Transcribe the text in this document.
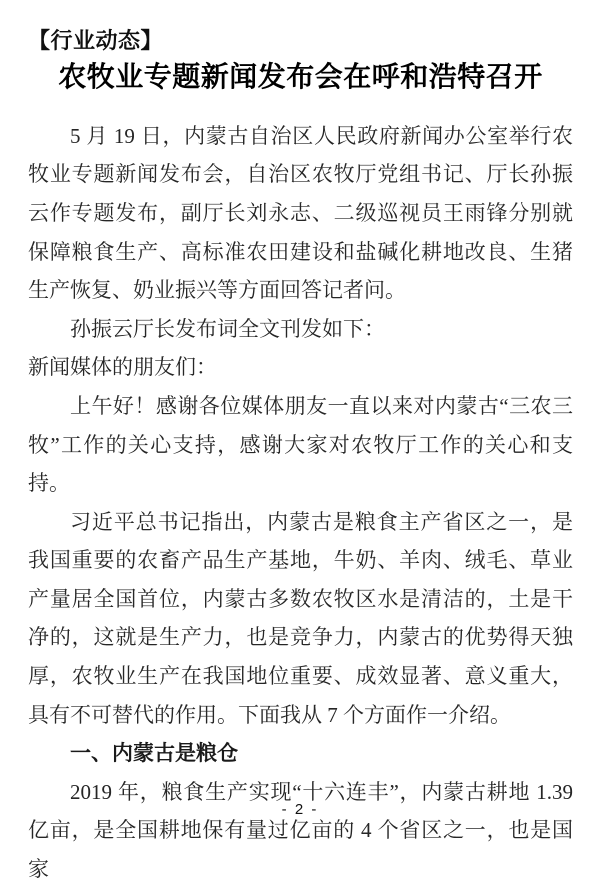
【行业动态】
农牧业专题新闻发布会在呼和浩特召开

5 月 19 日，内蒙古自治区人民政府新闻办公室举行农牧业专题新闻发布会，自治区农牧厅党组书记、厅长孙振云作专题发布，副厅长刘永志、二级巡视员王雨锋分别就保障粮食生产、高标准农田建设和盐碱化耕地改良、生猪生产恢复、奶业振兴等方面回答记者问。

孙振云厅长发布词全文刊发如下：

新闻媒体的朋友们：

上午好！感谢各位媒体朋友一直以来对内蒙古“三农三牧”工作的关心支持，感谢大家对农牧厅工作的关心和支持。

习近平总书记指出，内蒙古是粮食主产省区之一，是我国重要的农畜产品生产基地，牛奶、羊肉、绒毛、草业产量居全国首位，内蒙古多数农牧区水是清洁的，土是干净的，这就是生产力，也是竞争力，内蒙古的优势得天独厚，农牧业生产在我国地位重要、成效显著、意义重大，具有不可替代的作用。下面我从 7 个方面作一介绍。

一、内蒙古是粮仓

2019 年，粮食生产实现“十六连丰”，内蒙古耕地 1.39 亿亩，是全国耕地保有量过亿亩的 4 个省区之一，也是国家

- 2 -
